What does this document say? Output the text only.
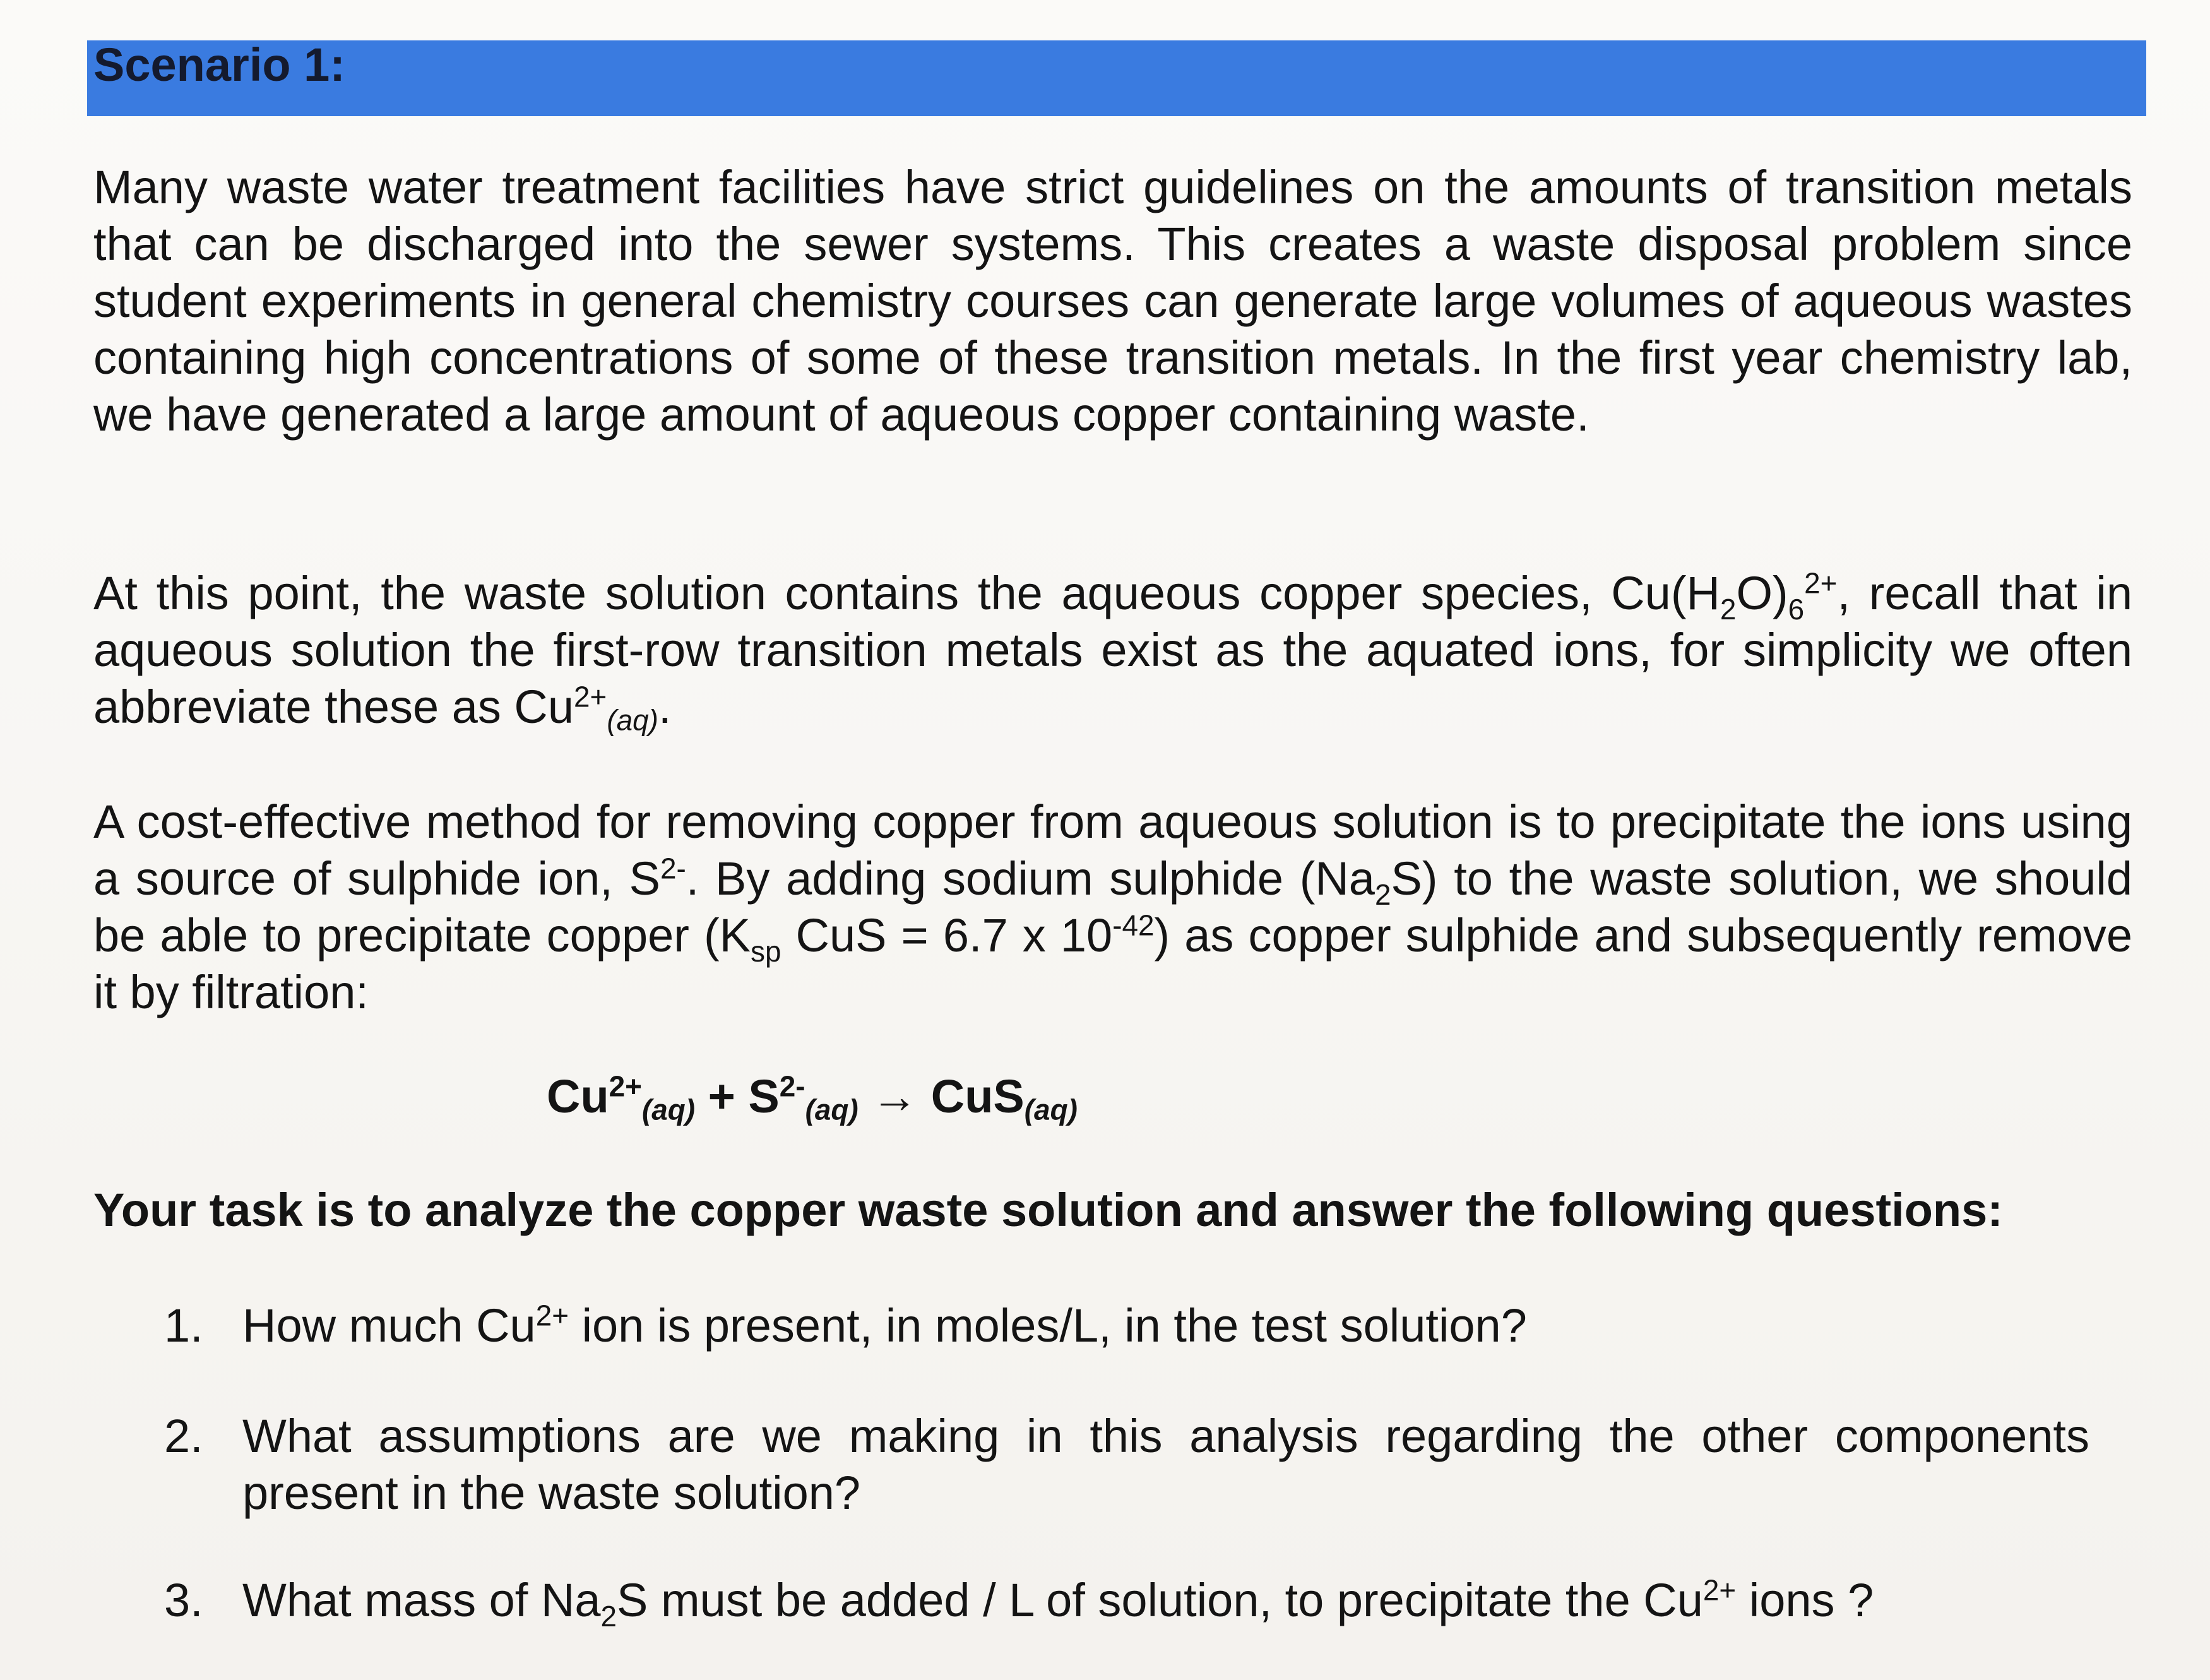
Scenario 1:
Many waste water treatment facilities have strict guidelines on the amounts of transition metals that can be discharged into the sewer systems. This creates a waste disposal problem since student experiments in general chemistry courses can generate large volumes of aqueous wastes containing high concentrations of some of these transition metals. In the first year chemistry lab, we have generated a large amount of aqueous copper containing waste.
At this point, the waste solution contains the aqueous copper species, $Cu(H_2O)_6^{2+}$, recall that in aqueous solution the first-row transition metals exist as the aquated ions, for simplicity we often abbreviate these as $Cu^{2+}(aq)$.
A cost-effective method for removing copper from aqueous solution is to precipitate the ions using a source of sulphide ion, $S^{2-}$. By adding sodium sulphide $(Na_2S)$ to the waste solution, we should be able to precipitate copper ($K_{sp}$ CuS = 6.7 x $10^{-42}$) as copper sulphide and subsequently remove it by filtration:
$Cu^{2+}(aq) + S^{2-}(aq) \to CuS(aq)$
Your task is to analyze the copper waste solution and answer the following questions:
1. How much $Cu^{2+}$ ion is present, in moles/L, in the test solution?
2. What assumptions are we making in this analysis regarding the other components present in the waste solution?
3. What mass of $Na_2S$ must be added / L of solution, to precipitate the $Cu^{2+}$ ions ?
